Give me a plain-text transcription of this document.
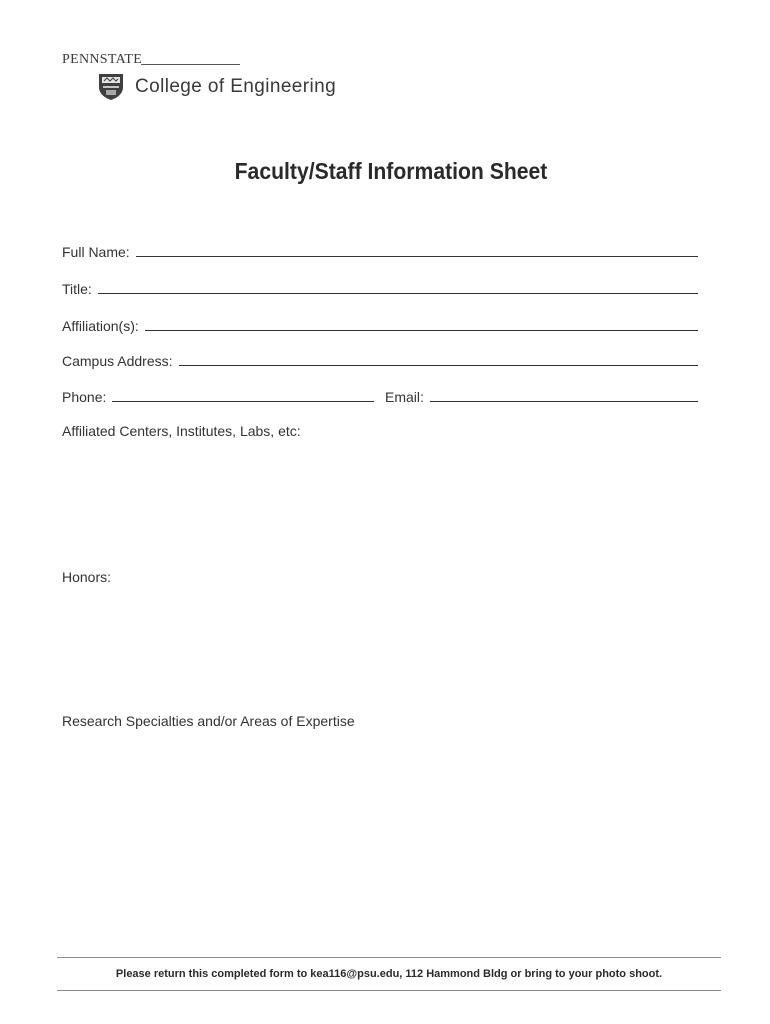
PENNSTATE
College of Engineering
Faculty/Staff Information Sheet
Full Name:
Title:
Affiliation(s):
Campus Address:
Phone:	Email:
Affiliated Centers, Institutes, Labs, etc:
Honors:
Research Specialties and/or Areas of Expertise
Please return this completed form to kea116@psu.edu, 112 Hammond Bldg or bring to your photo shoot.
